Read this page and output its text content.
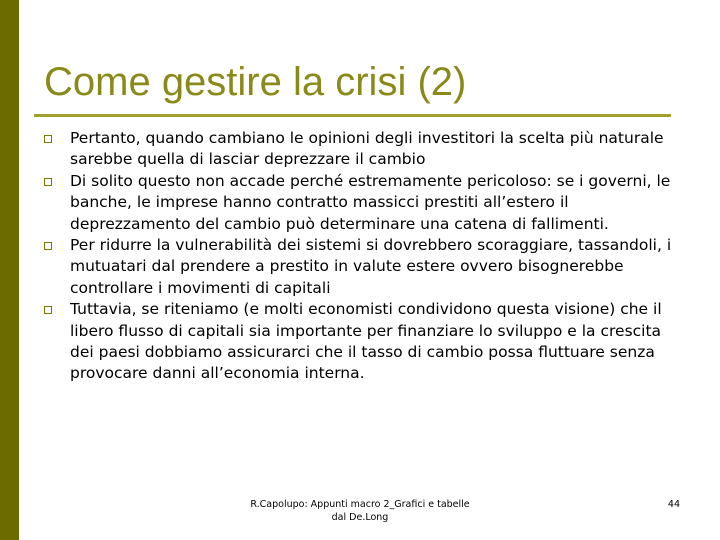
Come gestire la crisi (2)
Pertanto, quando cambiano le opinioni degli investitori la scelta più naturale sarebbe quella di lasciar deprezzare il cambio
Di solito questo non accade perché estremamente pericoloso: se i governi, le banche, le imprese hanno contratto massicci prestiti all’estero il deprezzamento del cambio può determinare una catena di fallimenti.
Per ridurre la vulnerabilità dei sistemi si dovrebbero scoraggiare, tassandoli, i mutuatari dal prendere a prestito in valute estere ovvero bisognerebbe controllare i movimenti di capitali
Tuttavia, se riteniamo (e molti economisti condividono questa visione) che il libero flusso di capitali sia importante per finanziare lo sviluppo e la crescita dei paesi dobbiamo assicurarci che il tasso di cambio possa fluttuare senza provocare danni all’economia interna.
R.Capolupo: Appunti macro 2_Grafici e tabelle dal De.Long
44
